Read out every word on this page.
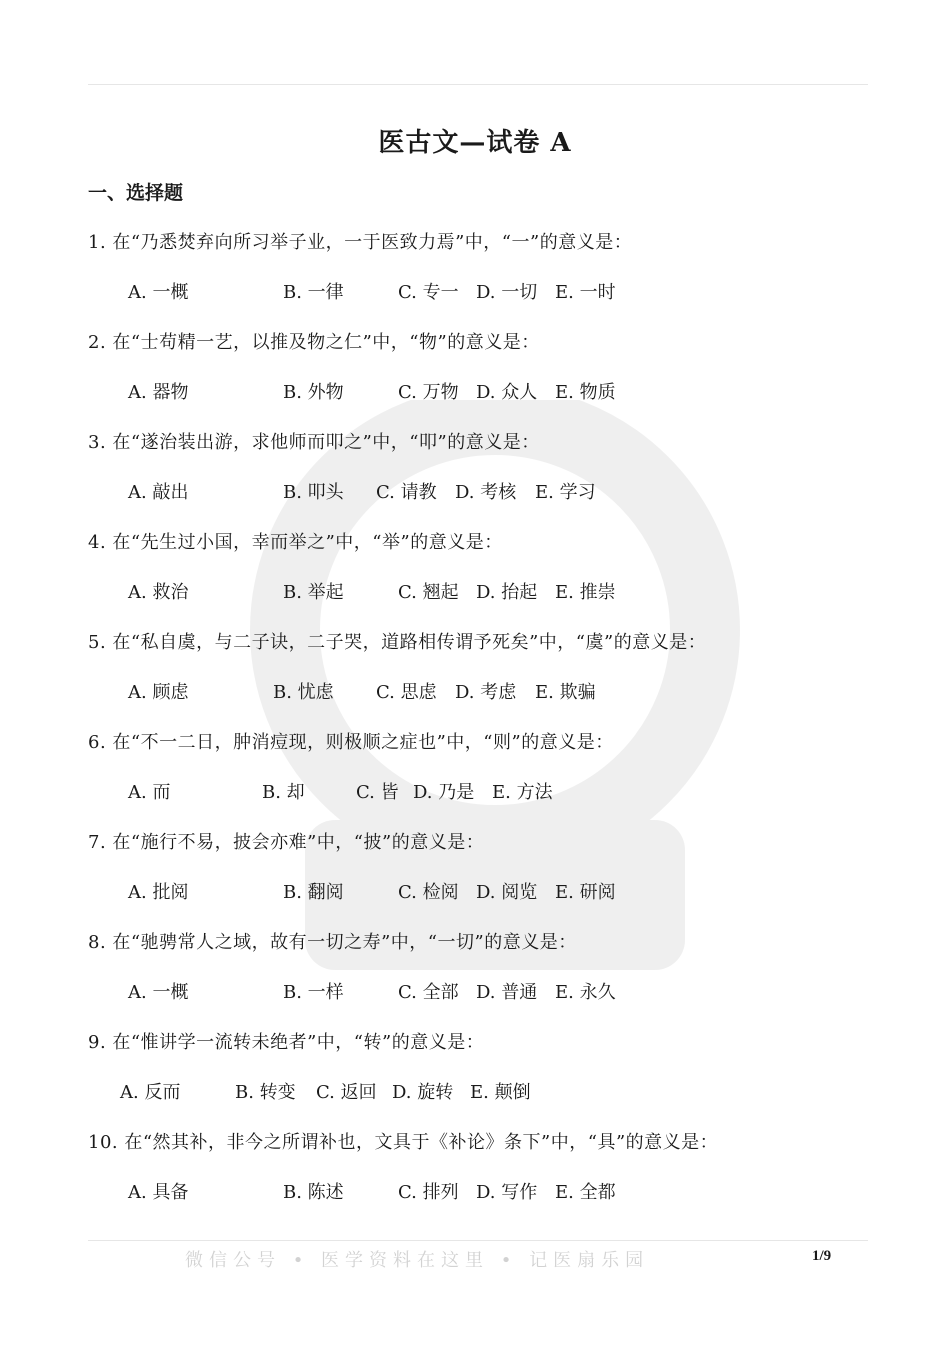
医古文—试卷 A
一、选择题
1. 在“乃悉焚弃向所习举子业，一于医致力焉”中，“一”的意义是：
A. 一概	B. 一律	C. 专一 D. 一切 E. 一时
2. 在“士苟精一艺，以推及物之仁”中，“物”的意义是：
A. 器物	B. 外物	C. 万物 D. 众人 E. 物质
3. 在“遂治装出游，求他师而叩之”中，“叩”的意义是：
A. 敲出	B. 叩头 C. 请教 D. 考核 E. 学习
4. 在“先生过小国，幸而举之”中，“举”的意义是：
A. 救治	B. 举起	C. 翘起 D. 抬起 E. 推崇
5. 在“私自虞，与二子诀，二子哭，道路相传谓予死矣”中，“虞”的意义是：
A. 顾虑	B. 忧虑 C. 思虑 D. 考虑 E. 欺骗
6. 在“不一二日，肿消痘现，则极顺之症也”中，“则”的意义是：
A. 而	B. 却	C. 皆 D. 乃是 E. 方法
7. 在“施行不易，披会亦难”中，“披”的意义是：
A. 批阅	B. 翻阅	C. 检阅 D. 阅览 E. 研阅
8. 在“驰骋常人之域，故有一切之寿”中，“一切”的意义是：
A. 一概	B. 一样	C. 全部 D. 普通 E. 永久
9. 在“惟讲学一流转未绝者”中，“转”的意义是：
A. 反而	B. 转变 C. 返回 D. 旋转 E. 颠倒
10. 在“然其补，非今之所谓补也，文具于《补论》条下”中，“具”的意义是：
A. 具备	B. 陈述	C. 排列 D. 写作 E. 全都
微信公号 • 医学资料在这里 • 记医扇乐园	1/9
